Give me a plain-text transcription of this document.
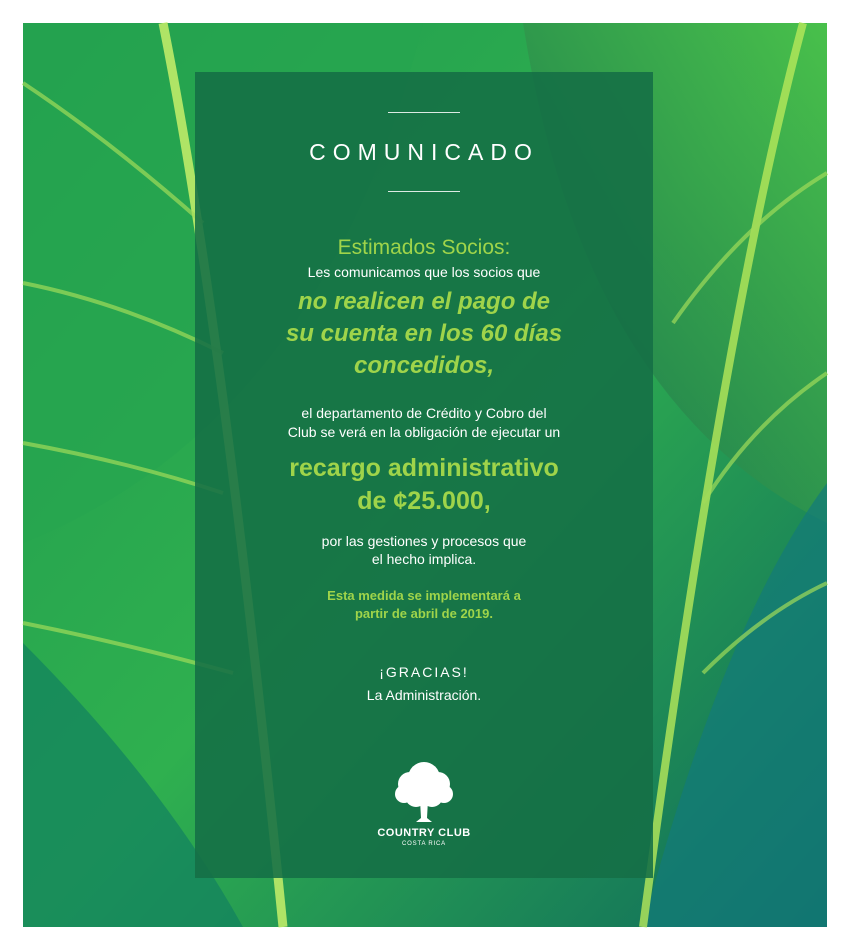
COMUNICADO
Estimados Socios:
Les comunicamos que los socios que
no realicen el pago de
su cuenta en los 60 días
concedidos,
el departamento de Crédito y Cobro del
Club se verá en la obligación de ejecutar un
recargo administrativo
de ¢25.000,
por las gestiones y procesos que
el hecho implica.
Esta medida se implementará a
partir de abril de 2019.
¡GRACIAS!
La Administración.
COUNTRY CLUB
COSTA RICA
